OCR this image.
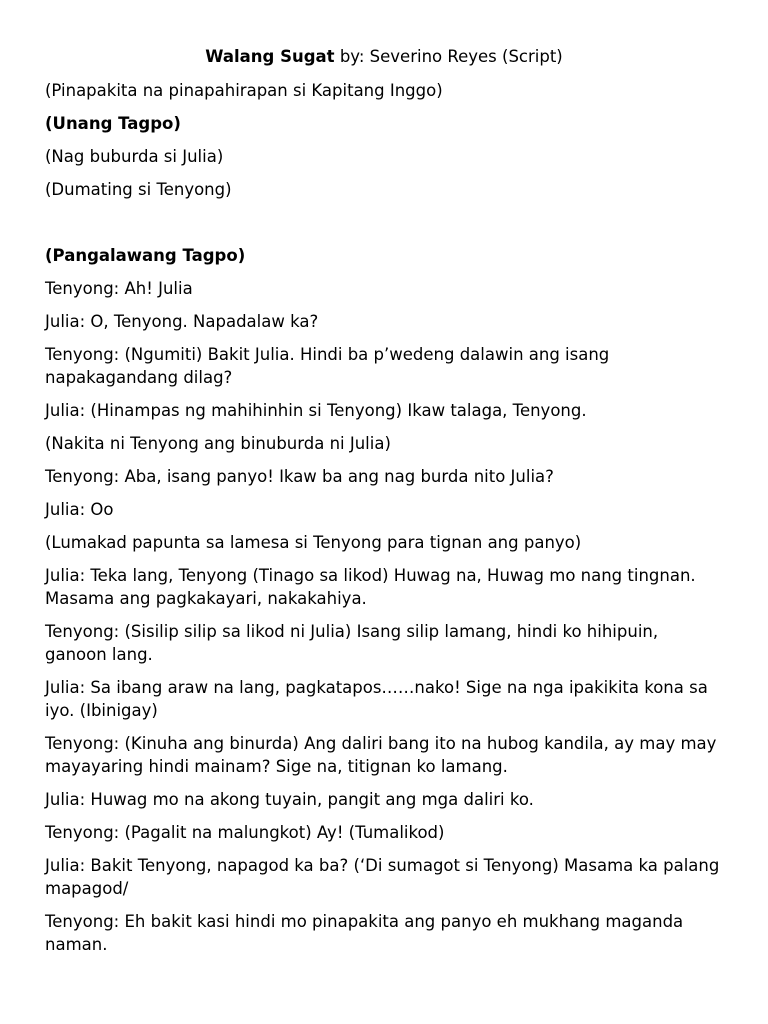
Walang Sugat by: Severino Reyes (Script)

(Pinapakita na pinapahirapan si Kapitang Inggo)

(Unang Tagpo)

(Nag buburda si Julia)

(Dumating si Tenyong)

(Pangalawang Tagpo)

Tenyong: Ah! Julia

Julia: O, Tenyong. Napadalaw ka?

Tenyong: (Ngumiti) Bakit Julia. Hindi ba p’wedeng dalawin ang isang napakagandang dilag?

Julia: (Hinampas ng mahihinhin si Tenyong) Ikaw talaga, Tenyong.

(Nakita ni Tenyong ang binuburda ni Julia)

Tenyong: Aba, isang panyo! Ikaw ba ang nag burda nito Julia?

Julia: Oo

(Lumakad papunta sa lamesa si Tenyong para tignan ang panyo)

Julia: Teka lang, Tenyong (Tinago sa likod) Huwag na, Huwag mo nang tingnan. Masama ang pagkakayari, nakakahiya.

Tenyong: (Sisilip silip sa likod ni Julia) Isang silip lamang, hindi ko hihipuin, ganoon lang.

Julia: Sa ibang araw na lang, pagkatapos……nako! Sige na nga ipakikita kona sa iyo. (Ibinigay)

Tenyong: (Kinuha ang binurda) Ang daliri bang ito na hubog kandila, ay may may mayayaring hindi mainam? Sige na, titignan ko lamang.

Julia: Huwag mo na akong tuyain, pangit ang mga daliri ko.

Tenyong: (Pagalit na malungkot) Ay! (Tumalikod)

Julia: Bakit Tenyong, napagod ka ba? (‘Di sumagot si Tenyong) Masama ka palang mapagod/

Tenyong: Eh bakit kasi hindi mo pinapakita ang panyo eh mukhang maganda naman.
